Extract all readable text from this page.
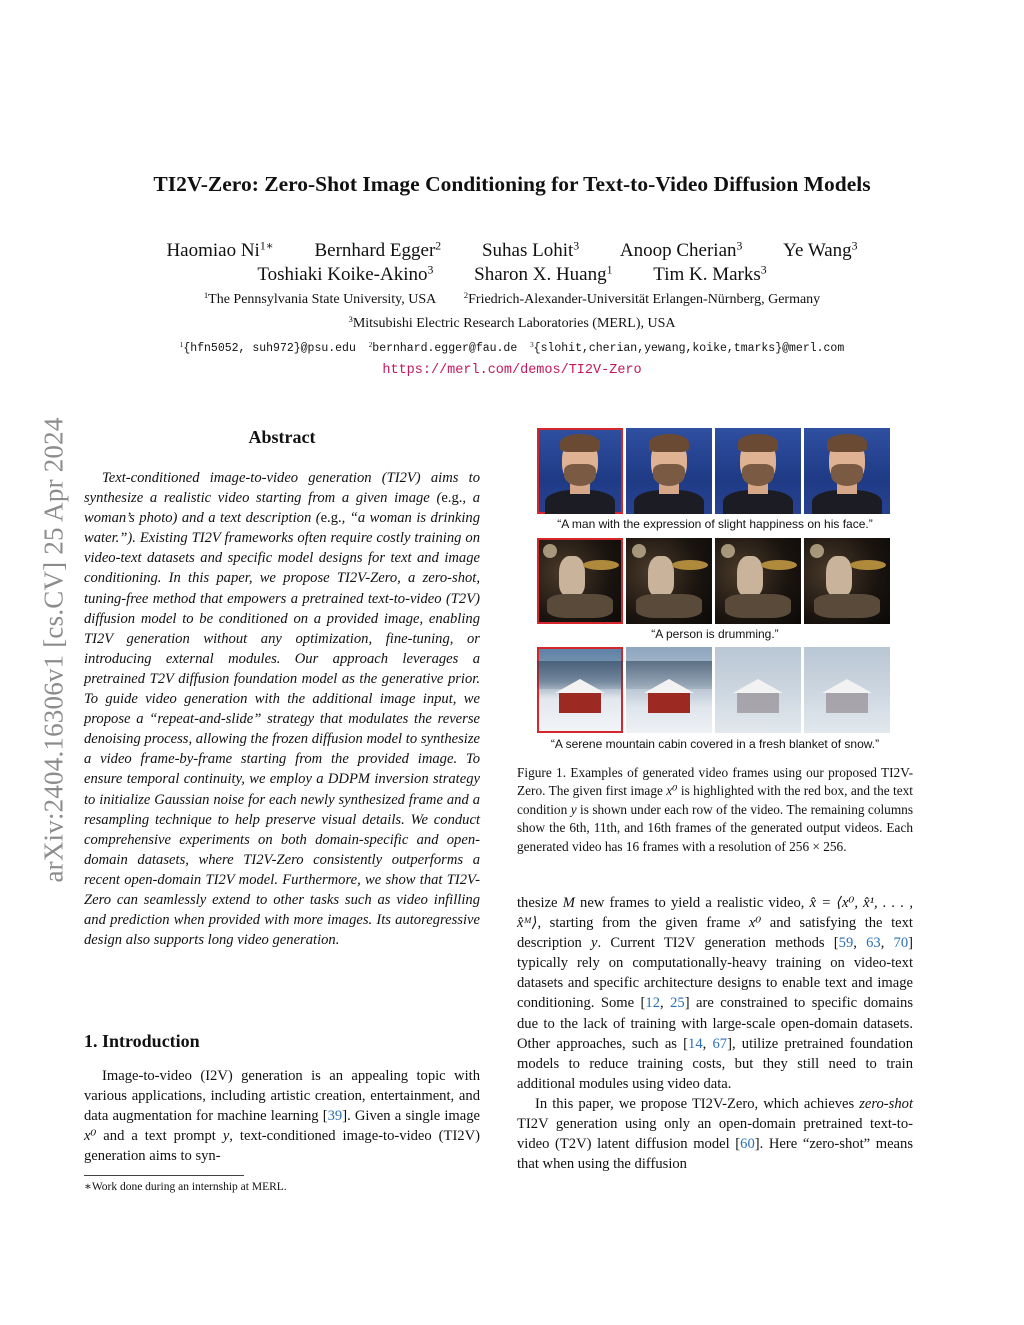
arXiv:2404.16306v1 [cs.CV] 25 Apr 2024
TI2V-Zero: Zero-Shot Image Conditioning for Text-to-Video Diffusion Models
Haomiao $Ni^{1∗}$ Bernhard Egger$^2$ Suhas Lohit$^3$ Anoop Cherian$^3$ Ye Wang$^3$
Toshiaki Koike-Akino$^3$ Sharon X. Huang$^1$ Tim K. Marks$^3$
$^1$The Pennsylvania State University, USA	$^2$Friedrich-Alexander-Universität Erlangen-Nürnberg, Germany
$^3$Mitsubishi Electric Research Laboratories (MERL), USA
$^1${hfn5052, suh972}@psu.edu $^2$bernhard.egger@fau.de $^3${slohit,cherian,yewang,koike,tmarks}@merl.com
https://merl.com/demos/TI2V-Zero
Abstract
Text-conditioned image-to-video generation (TI2V) aims to synthesize a realistic video starting from a given image (e.g., a woman’s photo) and a text description (e.g., “a woman is drinking water.”). Existing TI2V frameworks often require costly training on video-text datasets and specific model designs for text and image conditioning. In this paper, we propose TI2V-Zero, a zero-shot, tuning-free method that empowers a pretrained text-to-video (T2V) diffusion model to be conditioned on a provided image, enabling TI2V generation without any optimization, fine-tuning, or introducing external modules. Our approach leverages a pretrained T2V diffusion foundation model as the generative prior. To guide video generation with the additional image input, we propose a “repeat-and-slide” strategy that modulates the reverse denoising process, allowing the frozen diffusion model to synthesize a video frame-by-frame starting from the provided image. To ensure temporal continuity, we employ a DDPM inversion strategy to initialize Gaussian noise for each newly synthesized frame and a resampling technique to help preserve visual details. We conduct comprehensive experiments on both domain-specific and open-domain datasets, where TI2V-Zero consistently outperforms a recent open-domain TI2V model. Furthermore, we show that TI2V-Zero can seamlessly extend to other tasks such as video infilling and prediction when provided with more images. Its autoregressive design also supports long video generation.
1. Introduction

Image-to-video (I2V) generation is an appealing topic with various applications, including artistic creation, entertainment, and data augmentation for machine learning [39]. Given a single image x⁰ and a text prompt y, text-conditioned image-to-video (TI2V) generation aims to syn-

∗Work done during an internship at MERL.
“A man with the expression of slight happiness on his face.”
“A person is drumming.”
“A serene mountain cabin covered in a fresh blanket of snow.”
Figure 1. Examples of generated video frames using our proposed TI2V-Zero. The given first image x⁰ is highlighted with the red box, and the text condition y is shown under each row of the video. The remaining columns show the 6th, 11th, and 16th frames of the generated output videos. Each generated video has 16 frames with a resolution of 256 × 256.

thesize M new frames to yield a realistic video, x̂ = ⟨x⁰, x̂¹, . . . , x̂ᴹ⟩, starting from the given frame x⁰ and satisfying the text description y. Current TI2V generation methods [59, 63, 70] typically rely on computationally-heavy training on video-text datasets and specific architecture designs to enable text and image conditioning. Some [12, 25] are constrained to specific domains due to the lack of training with large-scale open-domain datasets. Other approaches, such as [14, 67], utilize pretrained foundation models to reduce training costs, but they still need to train additional modules using video data.

In this paper, we propose TI2V-Zero, which achieves zero-shot TI2V generation using only an open-domain pretrained text-to-video (T2V) latent diffusion model [60]. Here “zero-shot” means that when using the diffusion
